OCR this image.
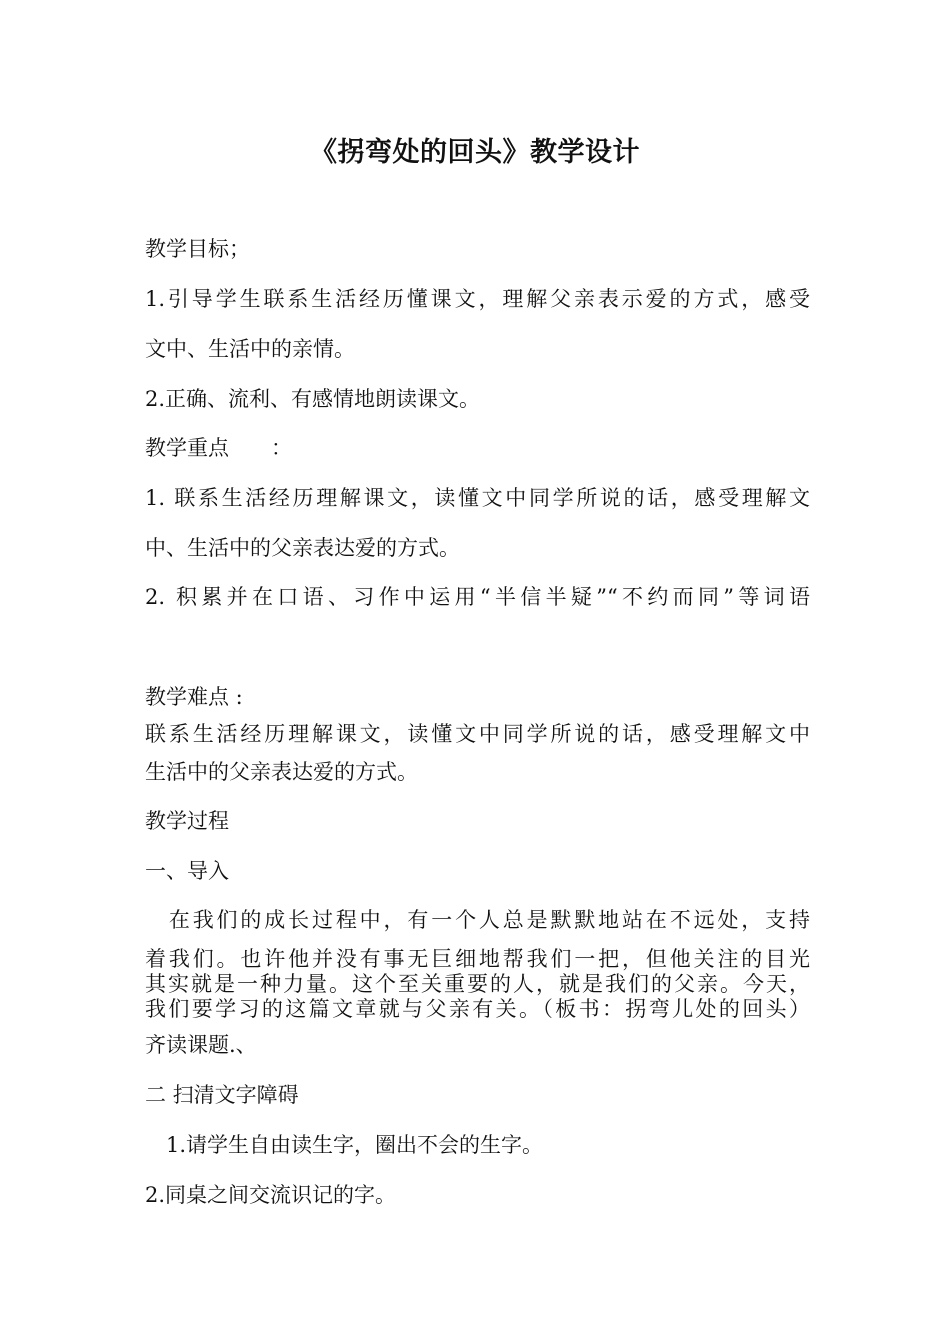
《拐弯处的回头》教学设计
教学目标；
1.引导学生联系生活经历懂课文，理解父亲表示爱的方式，感受
文中、生活中的亲情。
2.正确、流利、有感情地朗读课文。
教学重点　　：
1. 联系生活经历理解课文，读懂文中同学所说的话，感受理解文
中、生活中的父亲表达爱的方式。
2. 积累并在口语、习作中运用“半信半疑”“不约而同”等词语
教学难点 :
联系生活经历理解课文，读懂文中同学所说的话，感受理解文中
生活中的父亲表达爱的方式。
教学过程
一、导入
　在我们的成长过程中，有一个人总是默默地站在不远处，支持
着我们。也许他并没有事无巨细地帮我们一把，但他关注的目光
其实就是一种力量。这个至关重要的人，就是我们的父亲。今天，
我们要学习的这篇文章就与父亲有关。（板书：拐弯儿处的回头）
齐读课题.、
二 扫清文字障碍
　1.请学生自由读生字，圈出不会的生字。
2.同桌之间交流识记的字。
